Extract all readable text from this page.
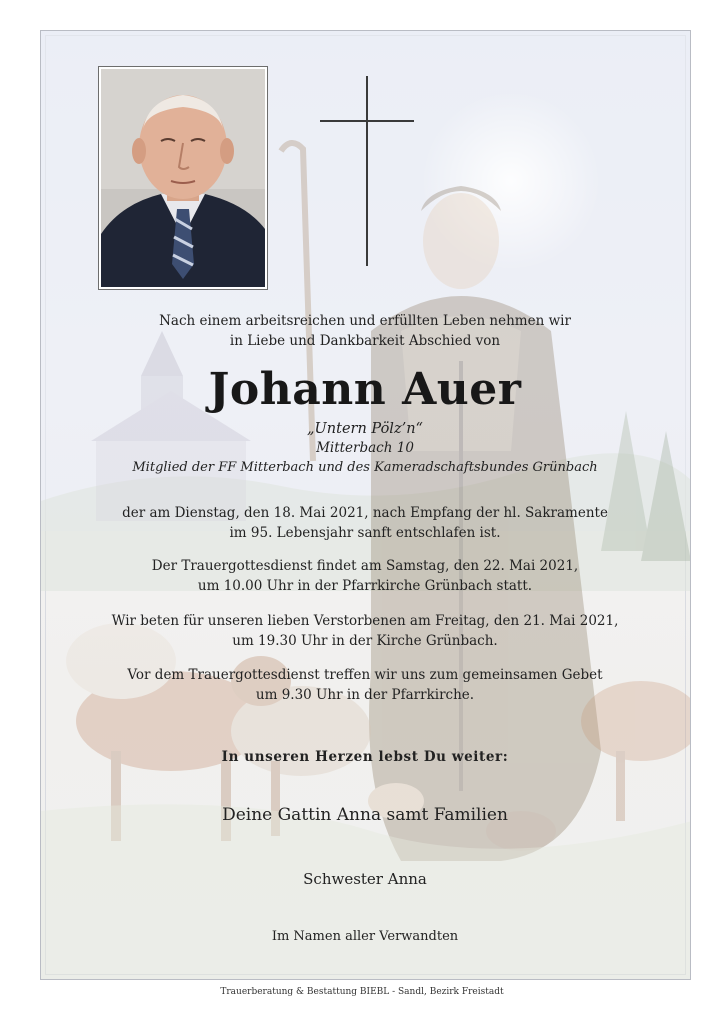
Nach einem arbeitsreichen und erfüllten Leben nehmen wir
in Liebe und Dankbarkeit Abschied von
Johann Auer
„Untern Pölz’n“
Mitterbach 10
Mitglied der FF Mitterbach und des Kameradschaftsbundes Grünbach
der am Dienstag, den 18. Mai 2021, nach Empfang der hl. Sakramente
im 95. Lebensjahr sanft entschlafen ist.
Der Trauergottesdienst findet am Samstag, den 22. Mai 2021,
um 10.00 Uhr in der Pfarrkirche Grünbach statt.
Wir beten für unseren lieben Verstorbenen am Freitag, den 21. Mai 2021,
um 19.30 Uhr in der Kirche Grünbach.
Vor dem Trauergottesdienst treffen wir uns zum gemeinsamen Gebet
um 9.30 Uhr in der Pfarrkirche.
In unseren Herzen lebst Du weiter:
Deine Gattin Anna samt Familien
Schwester Anna
Im Namen aller Verwandten
Trauerberatung & Bestattung BIEBL - Sandl, Bezirk Freistadt
